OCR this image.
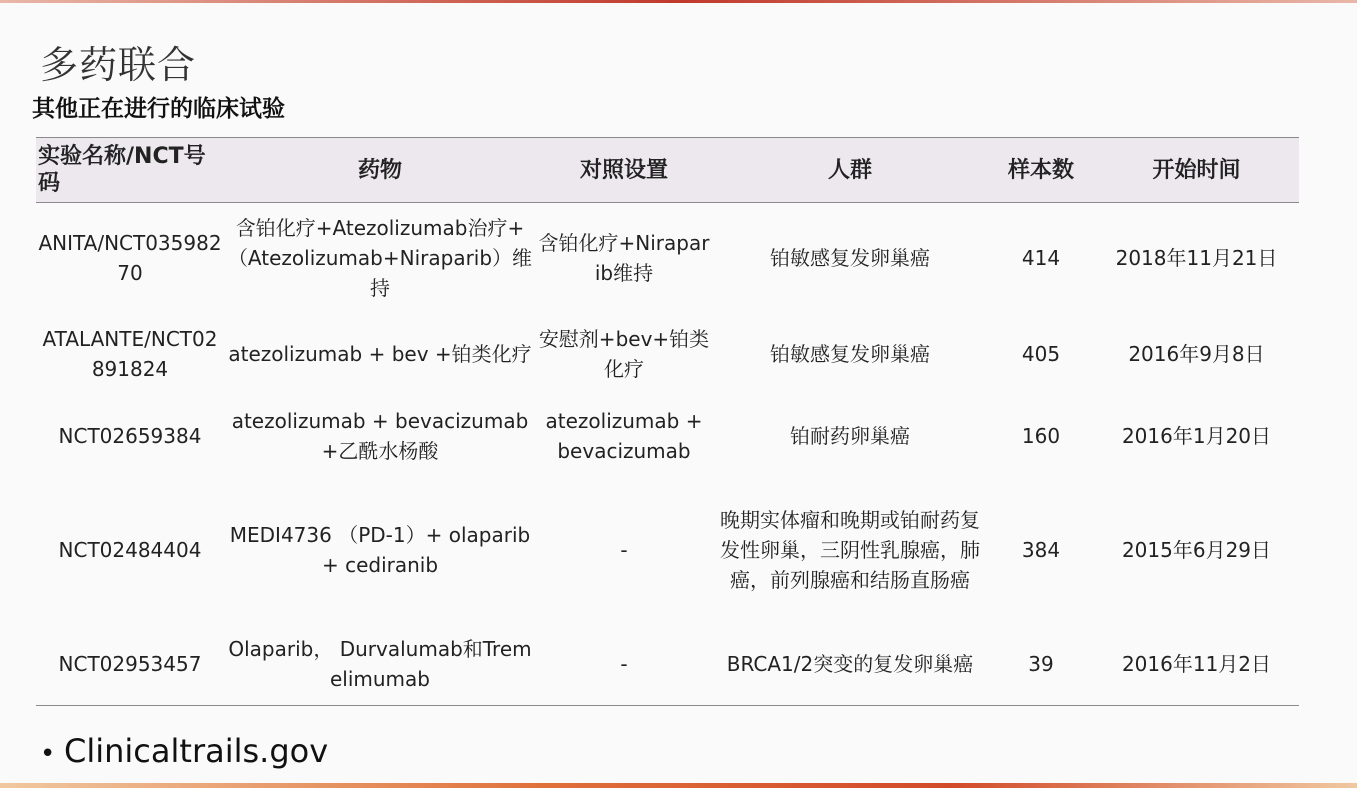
多药联合
其他正在进行的临床试验
实验名称/NCT号码	药物	对照设置	人群	样本数	开始时间
ANITA/NCT03598270	含铂化疗+Atezolizumab治疗+（Atezolizumab+Niraparib）维持	含铂化疗+Niraparib维持	铂敏感复发卵巢癌	414	2018年11月21日
ATALANTE/NCT02891824	atezolizumab + bev +铂类化疗	安慰剂+bev+铂类化疗	铂敏感复发卵巢癌	405	2016年9月8日
NCT02659384	atezolizumab + bevacizumab +乙酰水杨酸	atezolizumab + bevacizumab	铂耐药卵巢癌	160	2016年1月20日
NCT02484404	MEDI4736 （PD-1）+ olaparib + cediranib	-	晚期实体瘤和晚期或铂耐药复发性卵巢，三阴性乳腺癌，肺癌，前列腺癌和结肠直肠癌	384	2015年6月29日
NCT02953457	Olaparib， Durvalumab和Tremelimumab	-	BRCA1/2突变的复发卵巢癌	39	2016年11月2日
• Clinicaltrails.gov
